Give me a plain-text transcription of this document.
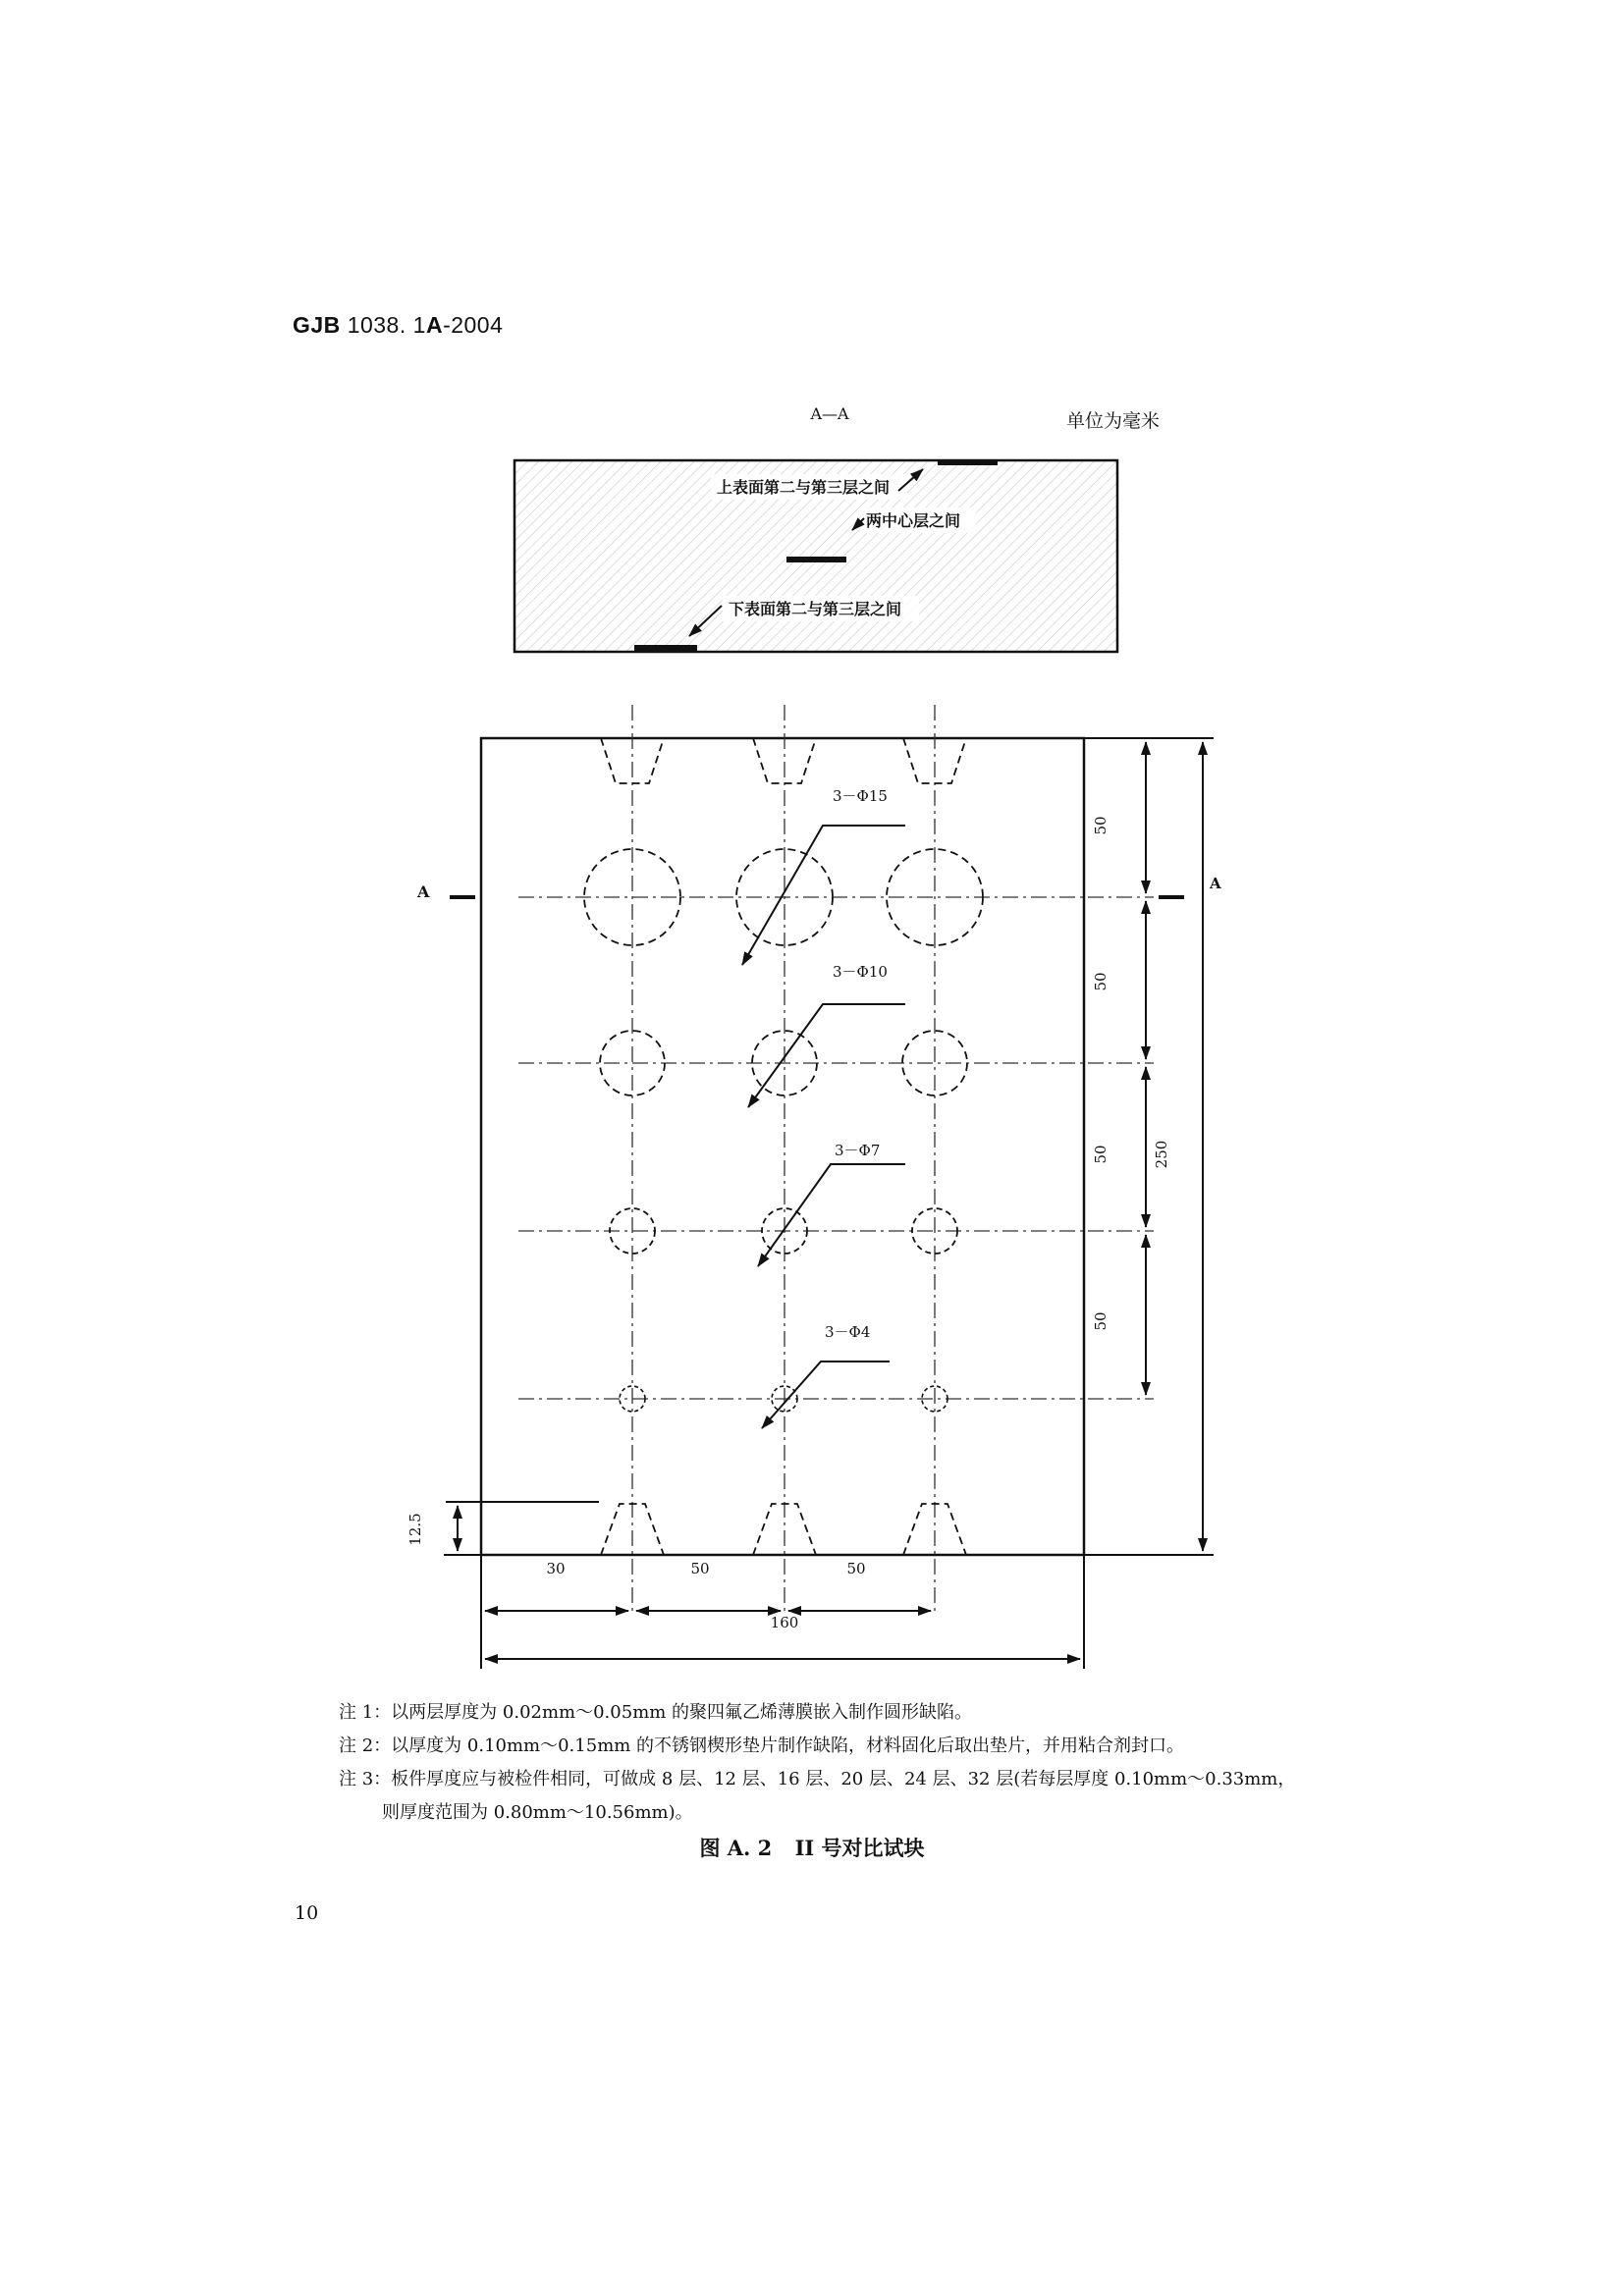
GJB 1038. 1A-2004
单位为毫米
A—A
上表面第二与第三层之间
两中心层之间
下表面第二与第三层之间
3－Φ15
3－Φ10
3－Φ7
3－Φ4
A
50
50
50
50
250
A
12.5
30	50	50
160
注 1：以两层厚度为 0.02mm～0.05mm 的聚四氟乙烯薄膜嵌入制作圆形缺陷。
注 2：以厚度为 0.10mm～0.15mm 的不锈钢楔形垫片制作缺陷，材料固化后取出垫片，并用粘合剂封口。
注 3：板件厚度应与被检件相同，可做成 8 层、12 层、16 层、20 层、24 层、32 层(若每层厚度 0.10mm～0.33mm，
则厚度范围为 0.80mm～10.56mm)。
图 A. 2 II 号对比试块
10
